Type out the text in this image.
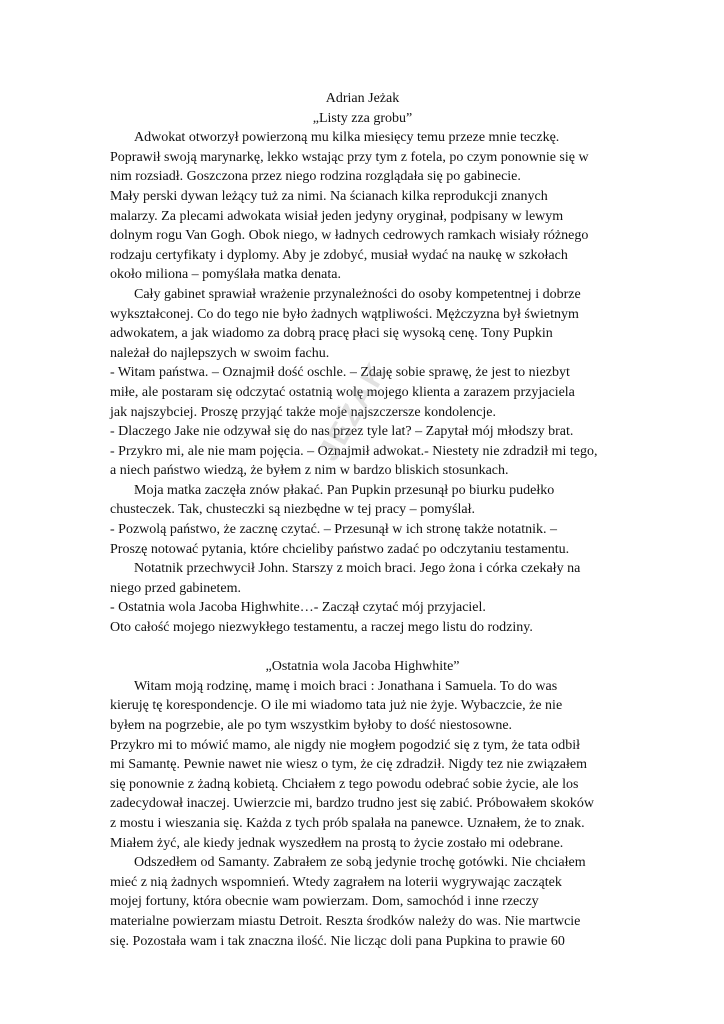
Adrian Jeżak
„Listy zza grobu”
Adwokat otworzył powierzoną mu kilka miesięcy temu przeze mnie teczkę.
Poprawił swoją marynarkę, lekko wstając przy tym z fotela, po czym ponownie się w
nim rozsiadł. Goszczona przez niego rodzina rozglądała się po gabinecie.
Mały perski dywan leżący tuż za nimi. Na ścianach kilka reprodukcji znanych
malarzy. Za plecami adwokata wisiał jeden jedyny oryginał, podpisany w lewym
dolnym rogu Van Gogh. Obok niego, w ładnych cedrowych ramkach wisiały różnego
rodzaju certyfikaty i dyplomy. Aby je zdobyć, musiał wydać na naukę w szkołach
około miliona – pomyślała matka denata.
Cały gabinet sprawiał wrażenie przynależności do osoby kompetentnej i dobrze
wykształconej. Co do tego nie było żadnych wątpliwości. Mężczyzna był świetnym
adwokatem, a jak wiadomo za dobrą pracę płaci się wysoką cenę. Tony Pupkin
należał do najlepszych w swoim fachu.
- Witam państwa. – Oznajmił dość oschle. – Zdaję sobie sprawę, że jest to niezbyt
miłe, ale postaram się odczytać ostatnią wolę mojego klienta a zarazem przyjaciela
jak najszybciej. Proszę przyjąć także moje najszczersze kondolencje.
- Dlaczego Jake nie odzywał się do nas przez tyle lat? – Zapytał mój młodszy brat.
- Przykro mi, ale nie mam pojęcia. – Oznajmił adwokat.- Niestety nie zdradził mi tego,
a niech państwo wiedzą, że byłem z nim w bardzo bliskich stosunkach.
Moja matka zaczęła znów płakać. Pan Pupkin przesunął po biurku pudełko
chusteczek. Tak, chusteczki są niezbędne w tej pracy – pomyślał.
- Pozwolą państwo, że zacznę czytać. – Przesunął w ich stronę także notatnik. –
Proszę notować pytania, które chcieliby państwo zadać po odczytaniu testamentu.
Notatnik przechwycił John. Starszy z moich braci. Jego żona i córka czekały na
niego przed gabinetem.
- Ostatnia wola Jacoba Highwhite…- Zaczął czytać mój przyjaciel.
Oto całość mojego niezwykłego testamentu, a raczej mego listu do rodziny.
„Ostatnia wola Jacoba Highwhite”
Witam moją rodzinę, mamę i moich braci : Jonathana i Samuela. To do was
kieruję tę korespondencje. O ile mi wiadomo tata już nie żyje. Wybaczcie, że nie
byłem na pogrzebie, ale po tym wszystkim byłoby to dość niestosowne.
Przykro mi to mówić mamo, ale nigdy nie mogłem pogodzić się z tym, że tata odbił
mi Samantę. Pewnie nawet nie wiesz o tym, że cię zdradził. Nigdy tez nie związałem
się ponownie z żadną kobietą. Chciałem z tego powodu odebrać sobie życie, ale los
zadecydował inaczej. Uwierzcie mi, bardzo trudno jest się zabić. Próbowałem skoków
z mostu i wieszania się. Każda z tych prób spalała na panewce. Uznałem, że to znak.
Miałem żyć, ale kiedy jednak wyszedłem na prostą to życie zostało mi odebrane.
Odszedłem od Samanty. Zabrałem ze sobą jedynie trochę gotówki. Nie chciałem
mieć z nią żadnych wspomnień. Wtedy zagrałem na loterii wygrywając zaczątek
mojej fortuny, która obecnie wam powierzam. Dom, samochód i inne rzeczy
materialne powierzam miastu Detroit. Reszta środków należy do was. Nie martwcie
się. Pozostała wam i tak znaczna ilość. Nie licząc doli pana Pupkina to prawie 60
JEŻAK
